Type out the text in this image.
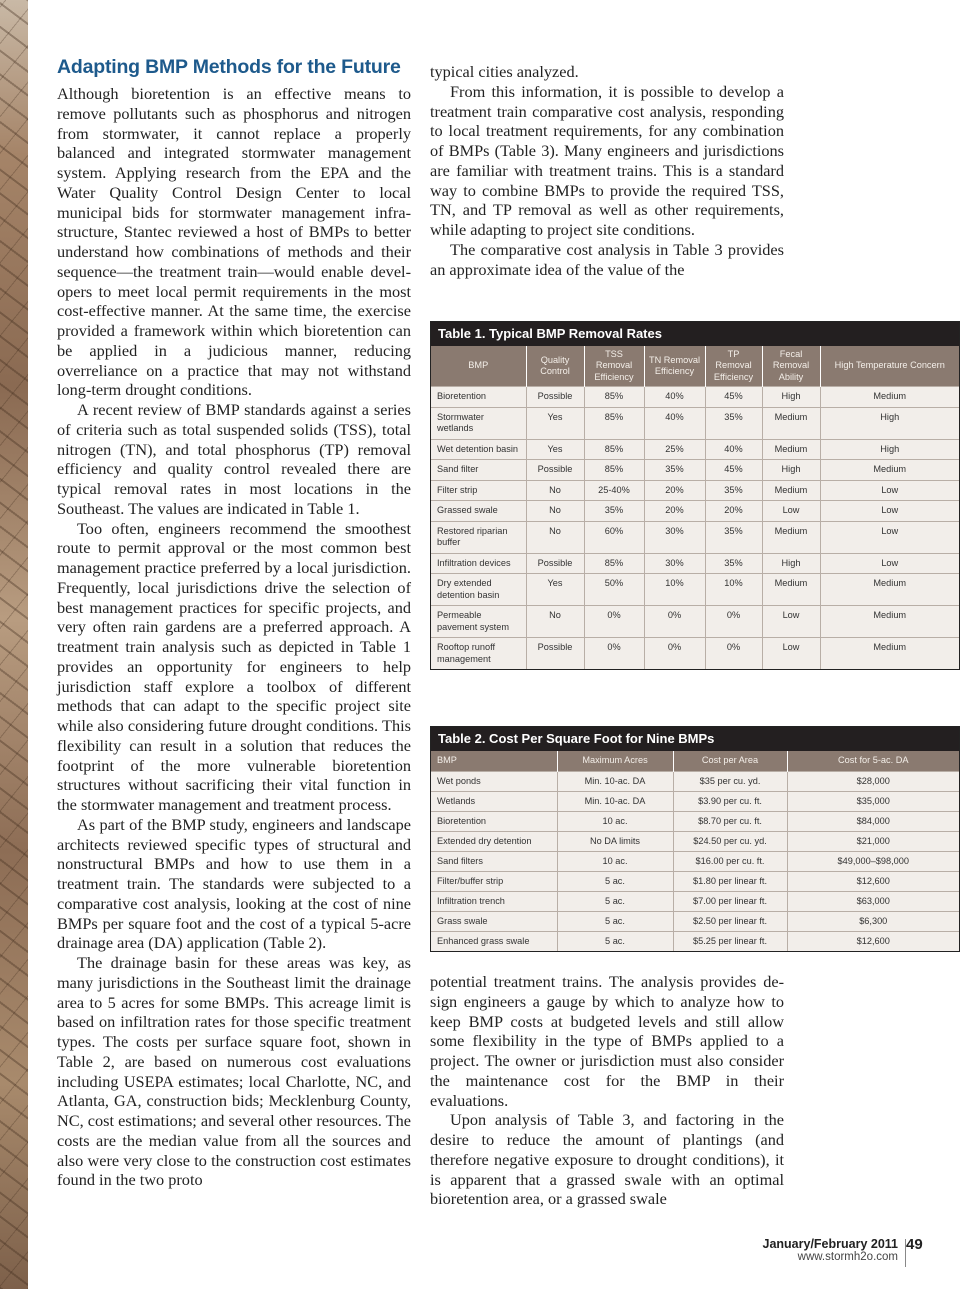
Adapting BMP Methods for the Future

Although bioretention is an effective means to remove pollutants such as phosphorus and nitrogen from stormwater, it cannot replace a properly balanced and integrated stormwater management system. Applying research from the EPA and the Water Quality Control Design Center to local municipal bids for stormwater management infrastructure, Stantec reviewed a host of BMPs to better understand how combinations of methods and their sequence—the treatment train—would enable developers to meet local permit requirements in the most cost-effective manner. At the same time, the exercise provided a framework within which bioretention can be applied in a judicious manner, reducing overreliance on a practice that may not withstand long-term drought conditions.

A recent review of BMP standards against a series of criteria such as total suspended solids (TSS), total nitrogen (TN), and total phosphorus (TP) removal efficiency and quality control revealed there are typical removal rates in most locations in the Southeast. The values are indicated in Table 1.

Too often, engineers recommend the smoothest route to permit approval or the most common best management practice preferred by a local jurisdiction. Frequently, local jurisdictions drive the selection of best management practices for specific projects, and very often rain gardens are a preferred approach. A treatment train analysis such as depicted in Table 1 provides an opportunity for engineers to help jurisdiction staff explore a toolbox of different methods that can adapt to the specific project site while also considering future drought conditions. This flexibility can result in a solution that reduces the footprint of the more vulnerable bioretention structures without sacrificing their vital function in the stormwater management and treatment process.

As part of the BMP study, engineers and landscape architects reviewed specific types of structural and nonstructural BMPs and how to use them in a treatment train. The standards were subjected to a comparative cost analysis, looking at the cost of nine BMPs per square foot and the cost of a typical 5-acre drainage area (DA) application (Table 2).

The drainage basin for these areas was key, as many jurisdictions in the Southeast limit the drainage area to 5 acres for some BMPs. This acreage limit is based on infiltration rates for those specific treatment types. The costs per surface square foot, shown in Table 2, are based on numerous cost evaluations including USEPA estimates; local Charlotte, NC, and Atlanta, GA, construction bids; Mecklenburg County, NC, cost estimations; and several other resources. The costs are the median value from all the sources and also were very close to the construction cost estimates found in the two proto

typical cities analyzed.

From this information, it is possible to develop a treatment train comparative cost analysis, responding to local treatment requirements, for any combination of BMPs (Table 3). Many engineers and jurisdictions are familiar with treatment trains. This is a standard way to combine BMPs to provide the required TSS, TN, and TP removal as well as other requirements, while adapting to project site conditions.

The comparative cost analysis in Table 3 provides an approximate idea of the value of the

Table 1. Typical BMP Removal Rates
BMP	Quality Control	TSS Removal Efficiency	TN Removal Efficiency	TP Removal Efficiency	Fecal Removal Ability	High Temperature Concern
Bioretention	Possible	85%	40%	45%	High	Medium
Stormwater wetlands	Yes	85%	40%	35%	Medium	High
Wet detention basin	Yes	85%	25%	40%	Medium	High
Sand filter	Possible	85%	35%	45%	High	Medium
Filter strip	No	25-40%	20%	35%	Medium	Low
Grassed swale	No	35%	20%	20%	Low	Low
Restored riparian buffer	No	60%	30%	35%	Medium	Low
Infiltration devices	Possible	85%	30%	35%	High	Low
Dry extended detention basin	Yes	50%	10%	10%	Medium	Medium
Permeable pavement system	No	0%	0%	0%	Low	Medium
Rooftop runoff management	Possible	0%	0%	0%	Low	Medium
Table 2. Cost Per Square Foot for Nine BMPs
BMP	Maximum Acres	Cost per Area	Cost for 5-ac. DA
Wet ponds	Min. 10-ac. DA	$35 per cu. yd.	$28,000
Wetlands	Min. 10-ac. DA	$3.90 per cu. ft.	$35,000
Bioretention	10 ac.	$8.70 per cu. ft.	$84,000
Extended dry detention	No DA limits	$24.50 per cu. yd.	$21,000
Sand filters	10 ac.	$16.00 per cu. ft.	$49,000–$98,000
Filter/buffer strip	5 ac.	$1.80 per linear ft.	$12,600
Infiltration trench	5 ac.	$7.00 per linear ft.	$63,000
Grass swale	5 ac.	$2.50 per linear ft.	$6,300
Enhanced grass swale	5 ac.	$5.25 per linear ft.	$12,600

potential treatment trains. The analysis provides design engineers a gauge by which to analyze how to keep BMP costs at budgeted levels and still allow some flexibility in the type of BMPs applied to a project. The owner or jurisdiction must also consider the maintenance cost for the BMP in their evaluations.

Upon analysis of Table 3, and factoring in the desire to reduce the amount of plantings (and therefore negative exposure to drought conditions), it is apparent that a grassed swale with an optimal bioretention area, or a grassed swale

January/February 2011
www.stormh2o.com
49
